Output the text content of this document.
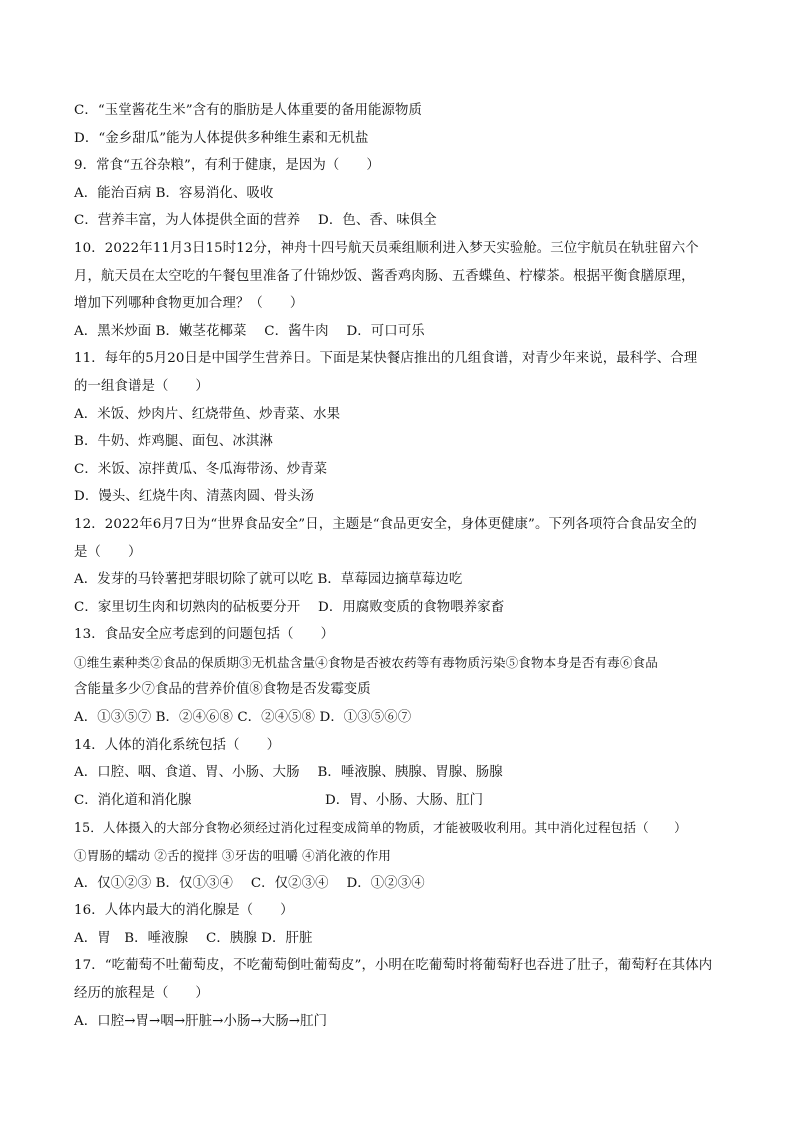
C．“玉堂酱花生米”含有的脂肪是人体重要的备用能源物质
D．“金乡甜瓜”能为人体提供多种维生素和无机盐
9．常食“五谷杂粮”，有利于健康，是因为（　　）
A．能治百病 B．容易消化、吸收
C．营养丰富，为人体提供全面的营养　 D．色、香、味俱全
10．2022年11月3日15时12分，神舟十四号航天员乘组顺利进入梦天实验舱。三位宇航员在轨驻留六个
月，航天员在太空吃的午餐包里准备了什锦炒饭、酱香鸡肉肠、五香蝶鱼、柠檬茶。根据平衡食膳原理，
增加下列哪种食物更加合理？（　　）
A．黑米炒面 B．嫩茎花椰菜　 C．酱牛肉　 D．可口可乐
11．每年的5月20日是中国学生营养日。下面是某快餐店推出的几组食谱，对青少年来说，最科学、合理
的一组食谱是（　　）
A．米饭、炒肉片、红烧带鱼、炒青菜、水果
B．牛奶、炸鸡腿、面包、冰淇淋
C．米饭、凉拌黄瓜、冬瓜海带汤、炒青菜
D．馒头、红烧牛肉、清蒸肉圆、骨头汤
12．2022年6月7日为“世界食品安全”日，主题是“食品更安全，身体更健康”。下列各项符合食品安全的
是（　　）
A．发芽的马铃薯把芽眼切除了就可以吃 B．草莓园边摘草莓边吃
C．家里切生肉和切熟肉的砧板要分开　 D．用腐败变质的食物喂养家畜
13．食品安全应考虑到的问题包括（　　）
①维生素种类②食品的保质期③无机盐含量④食物是否被农药等有毒物质污染⑤食物本身是否有毒⑥食品
含能量多少⑦食品的营养价值⑧食物是否发霉变质
A．①③⑤⑦ B．②④⑥⑧ C．②④⑤⑧ D．①③⑤⑥⑦
14．人体的消化系统包括（　　）
A．口腔、咽、食道、胃、小肠、大肠　 B．唾液腺、胰腺、胃腺、肠腺
C．消化道和消化腺	D．胃、小肠、大肠、肛门
15．人体摄入的大部分食物必须经过消化过程变成简单的物质，才能被吸收利用。其中消化过程包括（　　）
①胃肠的蠕动 ②舌的搅拌 ③牙齿的咀嚼 ④消化液的作用
A．仅①②③ B．仅①③④　 C．仅②③④　 D．①②③④
16．人体内最大的消化腺是（　　）
A．胃　B．唾液腺　 C．胰腺 D．肝脏
17．“吃葡萄不吐葡萄皮，不吃葡萄倒吐葡萄皮”，小明在吃葡萄时将葡萄籽也吞进了肚子，葡萄籽在其体内
经历的旅程是（　　）
A．口腔→胃→咽→肝脏→小肠→大肠→肛门
